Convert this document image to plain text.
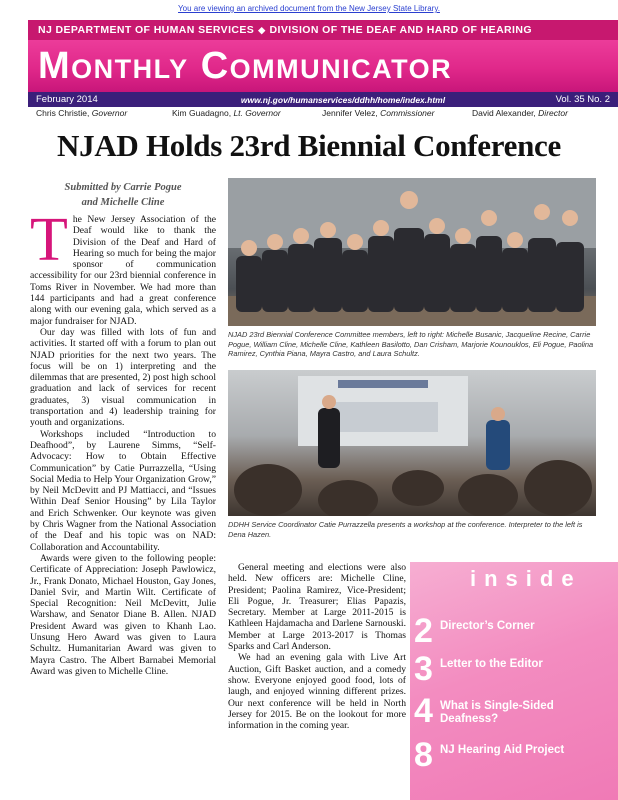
You are viewing an archived document from the New Jersey State Library.
NJ DEPARTMENT OF HUMAN SERVICES ◆ DIVISION OF THE DEAF AND HARD OF HEARING
Monthly Communicator
February 2014	www.nj.gov/humanservices/ddhh/home/index.html	Vol. 35 No. 2
Chris Christie, Governor	Kim Guadagno, Lt. Governor	Jennifer Velez, Commissioner	David Alexander, Director
NJAD Holds 23rd Biennial Conference
Submitted by Carrie Pogue
and Michelle Cline

The New Jersey Association of the Deaf would like to thank the Division of the Deaf and Hard of Hearing so much for being the major sponsor of communication accessibility for our 23rd biennial conference in Toms River in November. We had more than 144 participants and had a great conference along with our evening gala, which served as a major fundraiser for NJAD.

Our day was filled with lots of fun and activities. It started off with a forum to plan out NJAD priorities for the next two years. The focus will be on 1) interpreting and the dilemmas that are presented, 2) post high school graduation and lack of services for recent graduates, 3) visual communication in transportation and 4) leadership training for youth and organizations.

Workshops included “Introduction to Deafhood”, by Laurene Simms, “Self-Advocacy: How to Obtain Effective Communication” by Catie Purrazzella, “Using Social Media to Help Your Organization Grow,” by Neil McDevitt and PJ Mattiacci, and “Issues Within Deaf Senior Housing” by Lila Taylor and Erich Schwenker. Our keynote was given by Chris Wagner from the National Association of the Deaf and his topic was on NAD: Collaboration and Accountability.

Awards were given to the following people: Certificate of Appreciation: Joseph Pawlowicz, Jr., Frank Donato, Michael Houston, Gay Jones, Daniel Svir, and Martin Wilt. Certificate of Special Recognition: Neil McDevitt, Julie Warshaw, and Senator Diane B. Allen. NJAD President Award was given to Khanh Lao. Unsung Hero Award was given to Laura Schultz. Humanitarian Award was given to Mayra Castro. The Albert Barnabei Memorial Award was given to Michelle Cline.

NJAD 23rd Biennial Conference Committee members, left to right: Michelle Busanic, Jacqueline Recine, Carrie Pogue, William Cline, Michelle Cline, Kathleen Basilotto, Dan Crisham, Marjorie Kounouklos, Eli Pogue, Paolina Ramirez, Cynthia Piana, Mayra Castro, and Laura Schultz.
DDHH Service Coordinator Catie Purrazzella presents a workshop at the conference. Interpreter to the left is Dena Hazen.

General meeting and elections were also held. New officers are: Michelle Cline, President; Paolina Ramirez, Vice-President; Eli Pogue, Jr. Treasurer; Elias Papazis, Secretary. Member at Large 2011-2015 is Kathleen Hajdamacha and Darlene Sarnouski. Member at Large 2013-2017 is Thomas Sparks and Carl Anderson.

We had an evening gala with Live Art Auction, Gift Basket auction, and a comedy show. Everyone enjoyed good food, lots of laugh, and enjoyed winning different prizes. Our next conference will be held in North Jersey for 2015. Be on the lookout for more information in the coming year.

inside
2 Director’s Corner
3 Letter to the Editor
4 What is Single-Sided Deafness?
8 NJ Hearing Aid Project
